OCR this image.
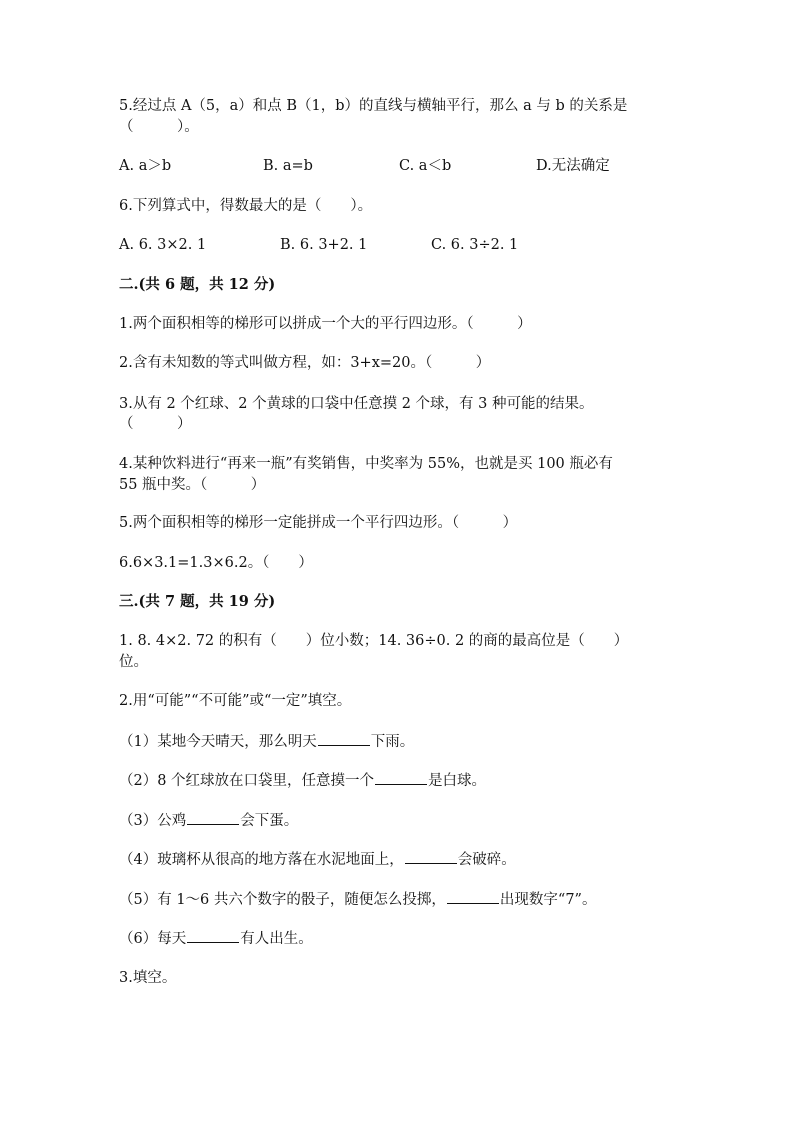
5.经过点 A（5，a）和点 B（1，b）的直线与横轴平行，那么 a 与 b 的关系是
（　　　）。
A. a＞b	B. a=b	C. a＜b	D.无法确定
6.下列算式中，得数最大的是（　　）。
A. 6. 3×2. 1	B. 6. 3+2. 1	C. 6. 3÷2. 1
二.(共 6 题，共 12 分)
1.两个面积相等的梯形可以拼成一个大的平行四边形。（　　　）
2.含有未知数的等式叫做方程，如：3+x=20。（　　　）
3.从有 2 个红球、2 个黄球的口袋中任意摸 2 个球，有 3 种可能的结果。
（　　　）
4.某种饮料进行“再来一瓶”有奖销售，中奖率为 55%，也就是买 100 瓶必有
55 瓶中奖。（　　　）
5.两个面积相等的梯形一定能拼成一个平行四边形。（　　　）
6.6×3.1=1.3×6.2。（　　）
三.(共 7 题，共 19 分)
1. 8. 4×2. 72 的积有（　　）位小数；14. 36÷0. 2 的商的最高位是（　　）
位。
2.用“可能”“不可能”或“一定”填空。
（1）某地今天晴天，那么明天	下雨。
（2）8 个红球放在口袋里，任意摸一个	是白球。
（3）公鸡	会下蛋。
（4）玻璃杯从很高的地方落在水泥地面上，	会破碎。
（5）有 1～6 共六个数字的骰子，随便怎么投掷，	出现数字“7”。
（6）每天	有人出生。
3.填空。
